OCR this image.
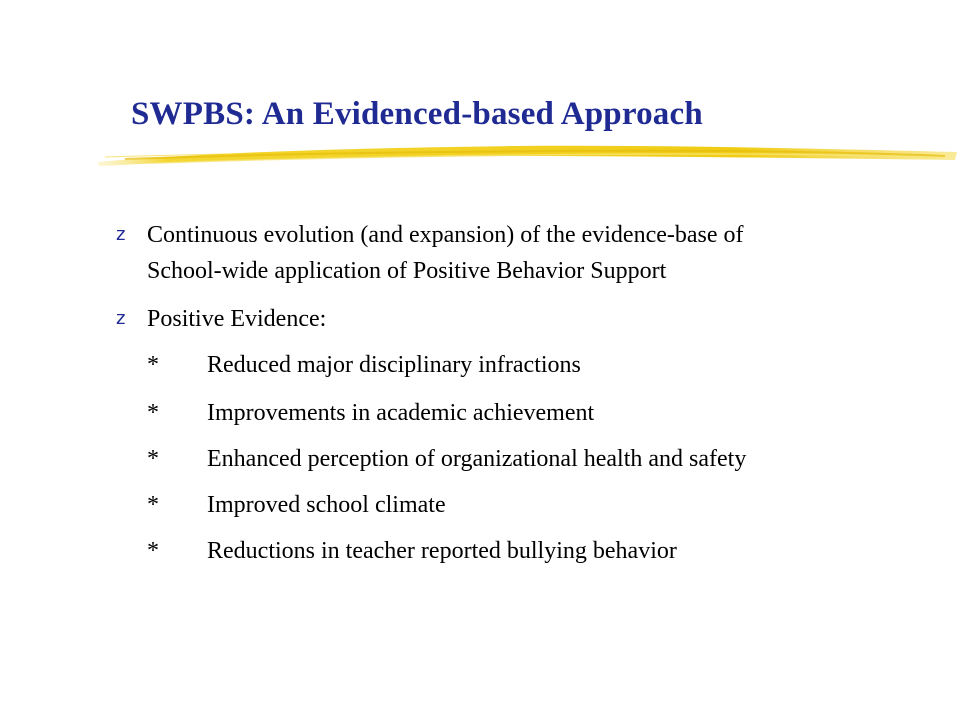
SWPBS: An Evidenced-based Approach
z Continuous evolution (and expansion) of the evidence-base of
School-wide application of Positive Behavior Support
z Positive Evidence:
* Reduced major disciplinary infractions
* Improvements in academic achievement
* Enhanced perception of organizational health and safety
* Improved school climate
* Reductions in teacher reported bullying behavior
